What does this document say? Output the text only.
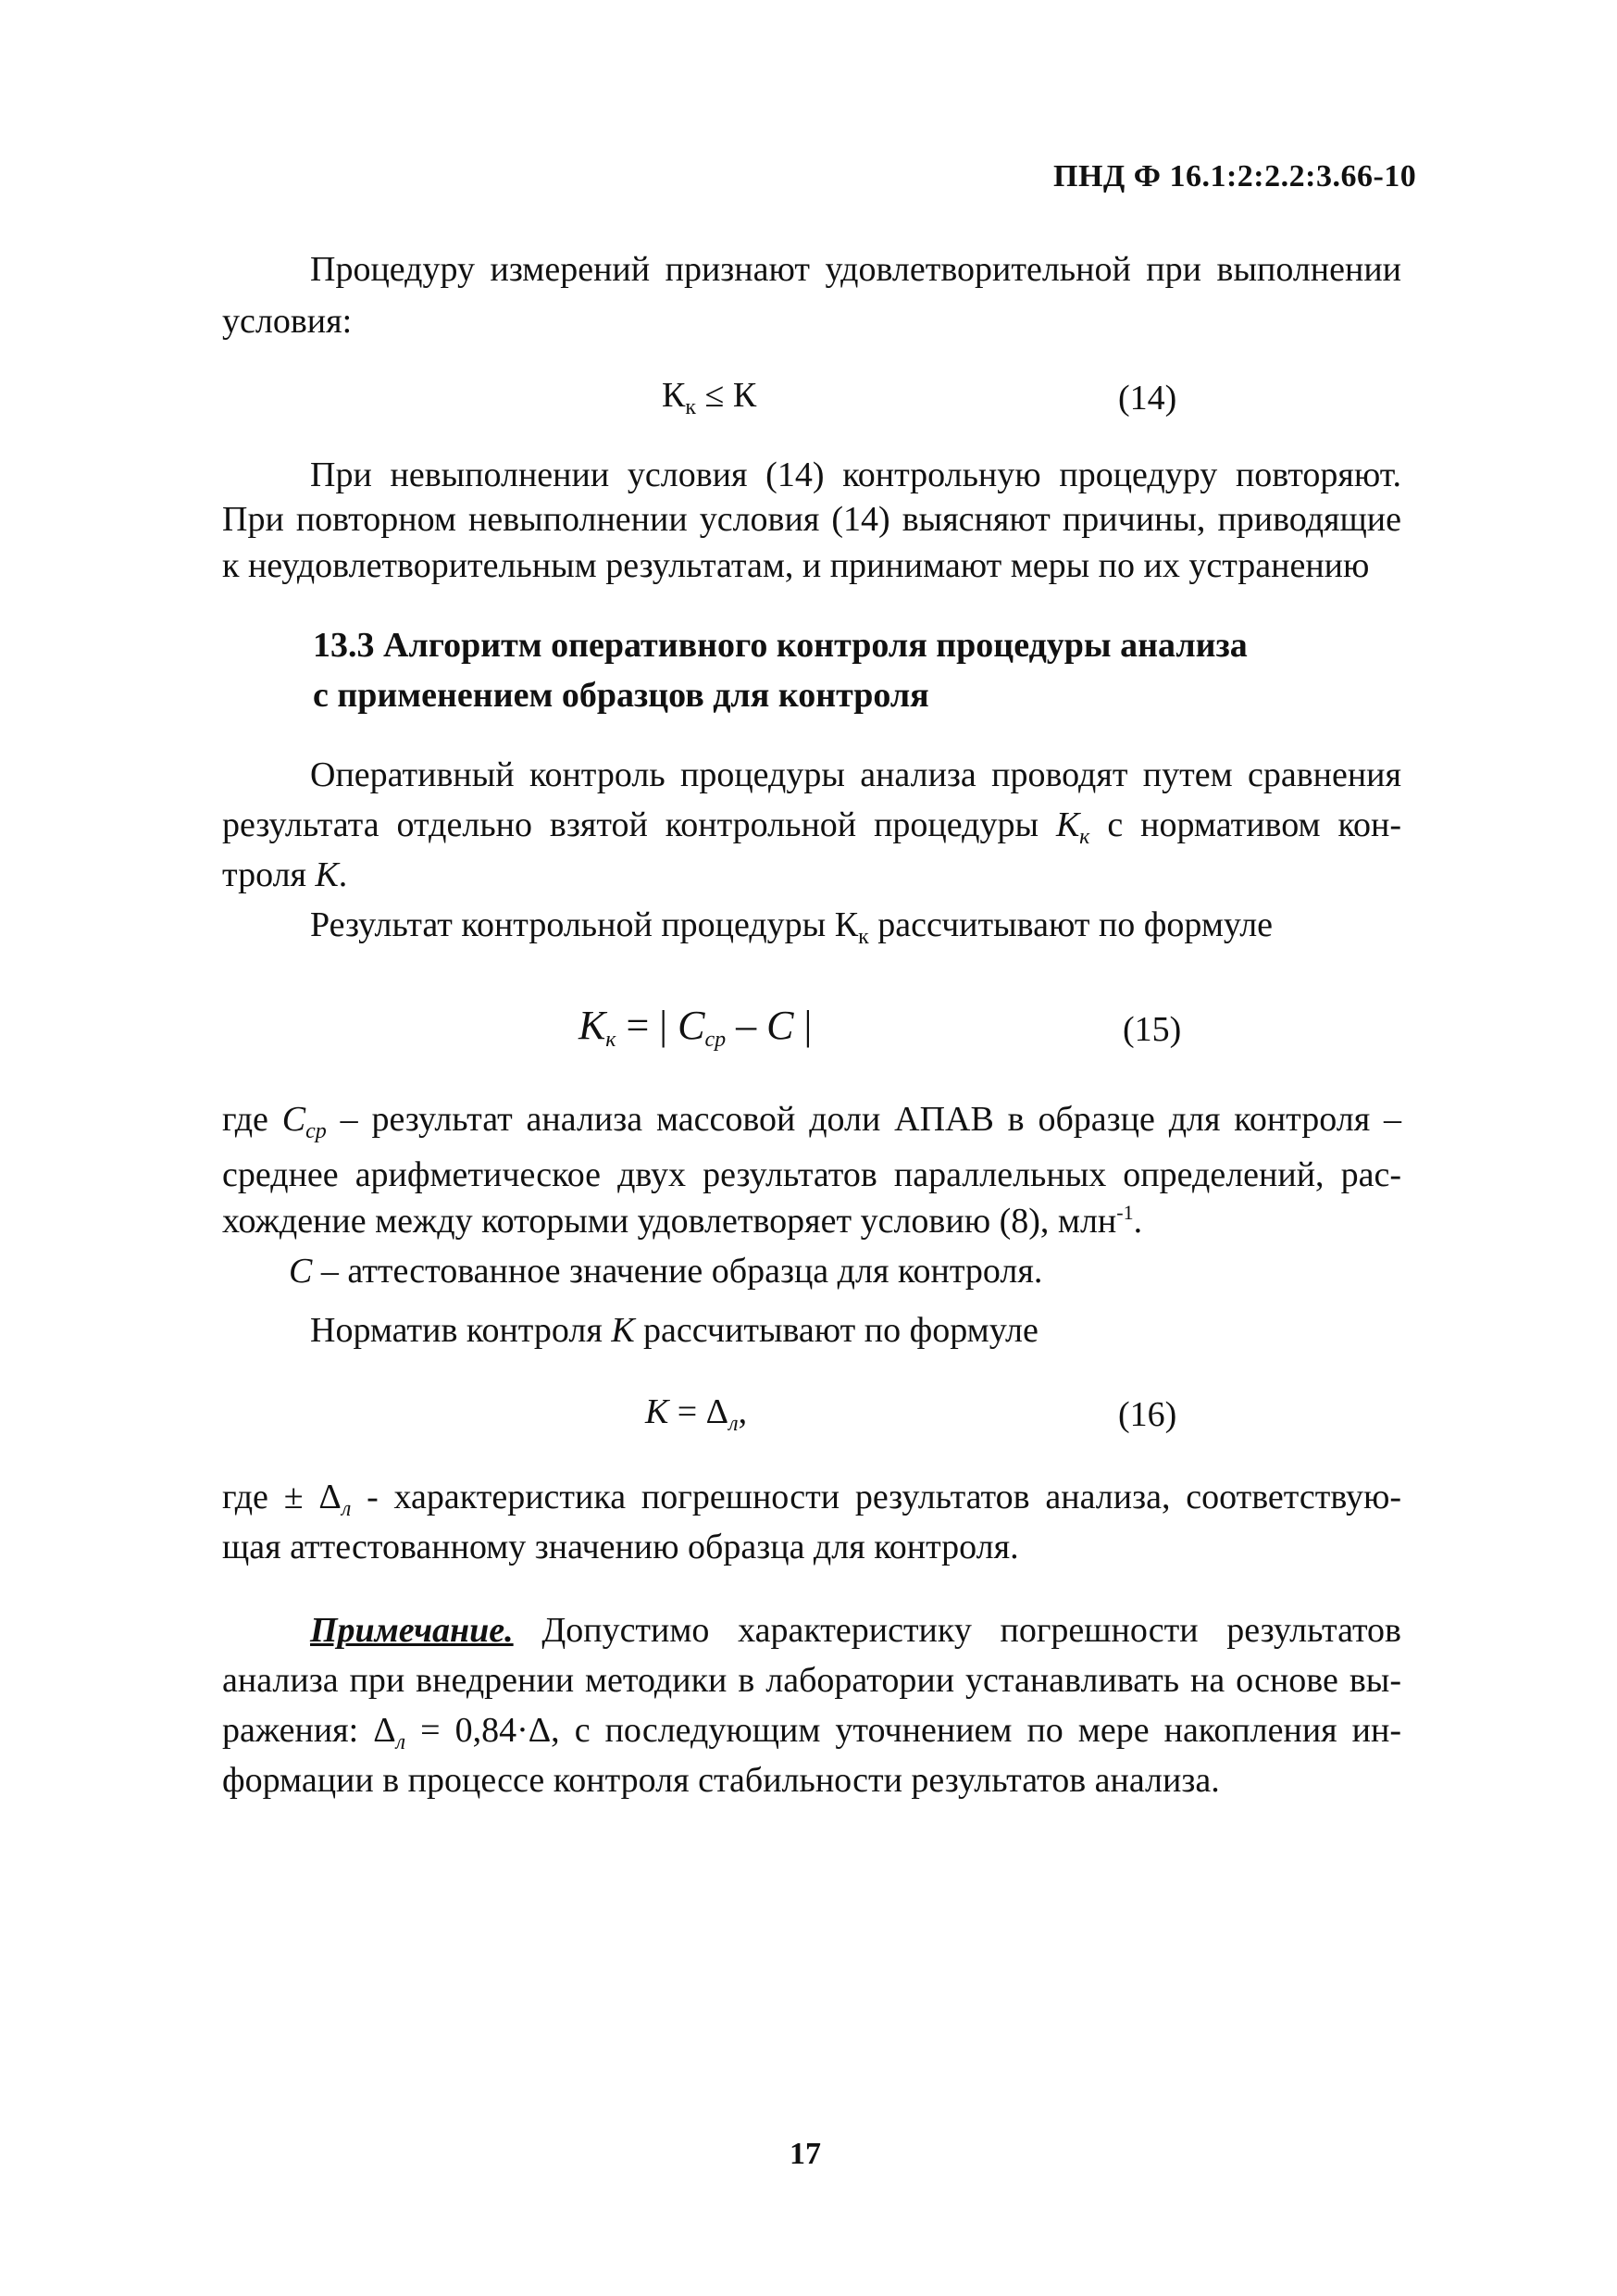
ПНД Ф 16.1:2:2.2:3.66-10
Процедуру измерений признают удовлетворительной при выполнении
условия:
$К_к \le К$	(14)
При невыполнении условия (14) контрольную процедуру повторяют.
При повторном невыполнении условия (14) выясняют причины, приводящие
к неудовлетворительным результатам, и принимают меры по их устранению
13.3 Алгоритм оперативного контроля процедуры анализа
с применением образцов для контроля
Оперативный контроль процедуры анализа проводят путем сравнения
результата отдельно взятой контрольной процедуры $К_к$ с нормативом кон-
троля К.
Результат контрольной процедуры $К_к$ рассчитывают по формуле
$К_к$ = | $С_{ср}$ – С |	(15)
где $С_{ср}$ – результат анализа массовой доли АПАВ в образце для контроля –
среднее арифметическое двух результатов параллельных определений, рас-
хождение между которыми удовлетворяет условию (8), млн$^{-1}$.
С – аттестованное значение образца для контроля.
Норматив контроля К рассчитывают по формуле
$К = \Delta_л$,	(16)
где ± $\Delta_л$ - характеристика погрешности результатов анализа, соответствую-
щая аттестованному значению образца для контроля.
Примечание. Допустимо характеристику погрешности результатов
анализа при внедрении методики в лаборатории устанавливать на основе вы-
ражения: $\Delta_л = 0,84\cdot\Delta$, с последующим уточнением по мере накопления ин-
формации в процессе контроля стабильности результатов анализа.
17
